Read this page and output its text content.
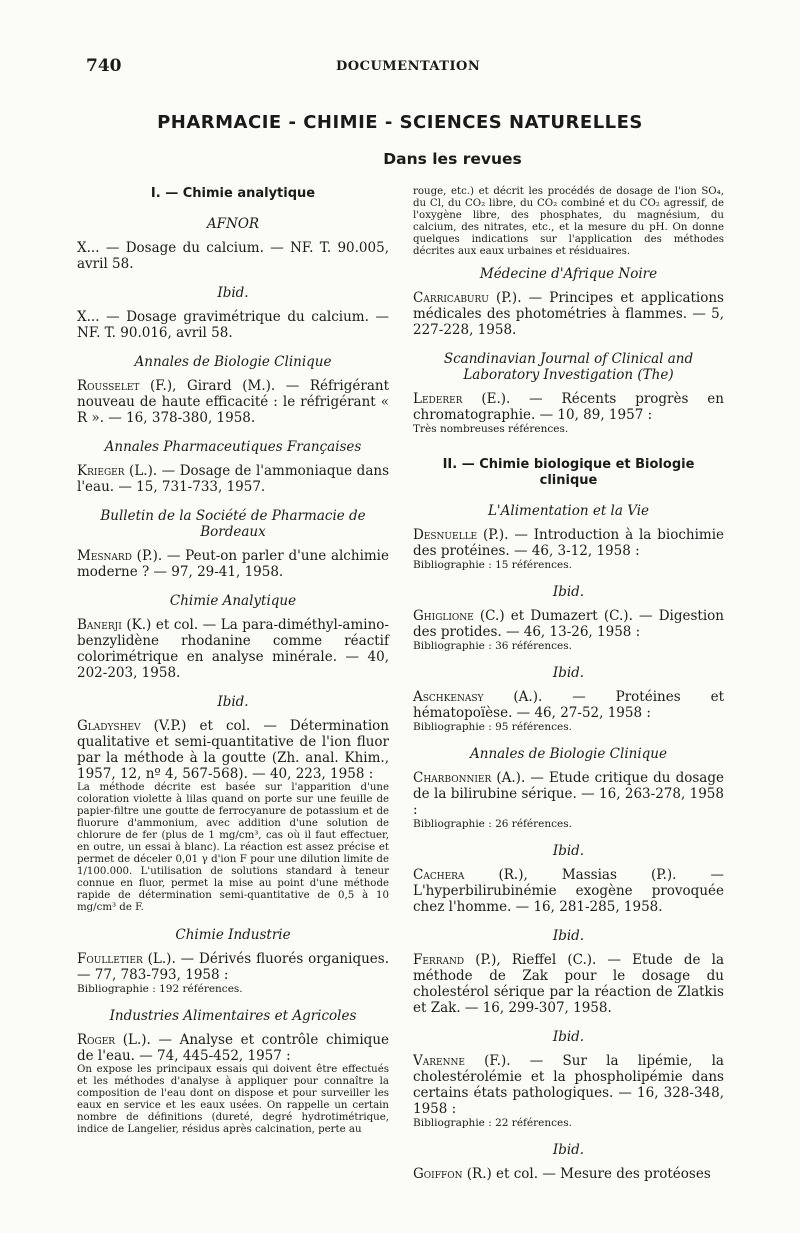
740	DOCUMENTATION
PHARMACIE - CHIMIE - SCIENCES NATURELLES
Dans les revues

I. — Chimie analytique

AFNOR

X... — Dosage du calcium. — NF. T. 90.005, avril 58.

Ibid.

X... — Dosage gravimétrique du calcium. — NF. T. 90.016, avril 58.

Annales de Biologie Clinique

Rousselet (F.), Girard (M.). — Réfrigérant nouveau de haute efficacité : le réfrigérant « R ». — 16, 378-380, 1958.

Annales Pharmaceutiques Françaises

Krieger (L.). — Dosage de l'ammoniaque dans l'eau. — 15, 731-733, 1957.

Bulletin de la Société de Pharmacie de Bordeaux

Mesnard (P.). — Peut-on parler d'une alchimie moderne ? — 97, 29-41, 1958.

Chimie Analytique

Banerji (K.) et col. — La para-diméthyl-amino-benzylidène rhodanine comme réactif colorimétrique en analyse minérale. — 40, 202-203, 1958.

Ibid.

Gladyshev (V.P.) et col. — Détermination qualitative et semi-quantitative de l'ion fluor par la méthode à la goutte (Zh. anal. Khim., 1957, 12, nº 4, 567-568). — 40, 223, 1958 :

La méthode décrite est basée sur l'apparition d'une coloration violette à lilas quand on porte sur une feuille de papier-filtre une goutte de ferrocyanure de potassium et de fluorure d'ammonium, avec addition d'une solution de chlorure de fer (plus de 1 mg/cm³, cas où il faut effectuer, en outre, un essai à blanc). La réaction est assez précise et permet de déceler 0,01 γ d'ion F pour une dilution limite de 1/100.000. L'utilisation de solutions standard à teneur connue en fluor, permet la mise au point d'une méthode rapide de détermination semi-quantitative de 0,5 à 10 mg/cm³ de F.

Chimie Industrie

Foulletier (L.). — Dérivés fluorés organiques. — 77, 783-793, 1958 :

Bibliographie : 192 références.

Industries Alimentaires et Agricoles

Roger (L.). — Analyse et contrôle chimique de l'eau. — 74, 445-452, 1957 :

On expose les principaux essais qui doivent être effectués et les méthodes d'analyse à appliquer pour connaître la composition de l'eau dont on dispose et pour surveiller les eaux en service et les eaux usées. On rappelle un certain nombre de définitions (dureté, degré hydrotimétrique, indice de Langelier, résidus après calcination, perte au

rouge, etc.) et décrit les procédés de dosage de l'ion SO₄, du Cl, du CO₂ libre, du CO₂ combiné et du CO₂ agressif, de l'oxygène libre, des phosphates, du magnésium, du calcium, des nitrates, etc., et la mesure du pH. On donne quelques indications sur l'application des méthodes décrites aux eaux urbaines et résiduaires.

Médecine d'Afrique Noire

Carricaburu (P.). — Principes et applications médicales des photométries à flammes. — 5, 227-228, 1958.

Scandinavian Journal of Clinical and Laboratory Investigation (The)

Lederer (E.). — Récents progrès en chromatographie. — 10, 89, 1957 :

Très nombreuses références.

II. — Chimie biologique et Biologie clinique

L'Alimentation et la Vie

Desnuelle (P.). — Introduction à la biochimie des protéines. — 46, 3-12, 1958 :

Bibliographie : 15 références.

Ibid.

Ghiglione (C.) et Dumazert (C.). — Digestion des protides. — 46, 13-26, 1958 :

Bibliographie : 36 références.

Ibid.

Aschkenasy (A.). — Protéines et hématopoïèse. — 46, 27-52, 1958 :

Bibliographie : 95 références.

Annales de Biologie Clinique

Charbonnier (A.). — Etude critique du dosage de la bilirubine sérique. — 16, 263-278, 1958 :

Bibliographie : 26 références.

Ibid.

Cachera (R.), Massias (P.). — L'hyperbilirubinémie exogène provoquée chez l'homme. — 16, 281-285, 1958.

Ibid.

Ferrand (P.), Rieffel (C.). — Etude de la méthode de Zak pour le dosage du cholestérol sérique par la réaction de Zlatkis et Zak. — 16, 299-307, 1958.

Ibid.

Varenne (F.). — Sur la lipémie, la cholestérolémie et la phospholipémie dans certains états pathologiques. — 16, 328-348, 1958 :

Bibliographie : 22 références.

Ibid.

Goiffon (R.) et col. — Mesure des protéoses
